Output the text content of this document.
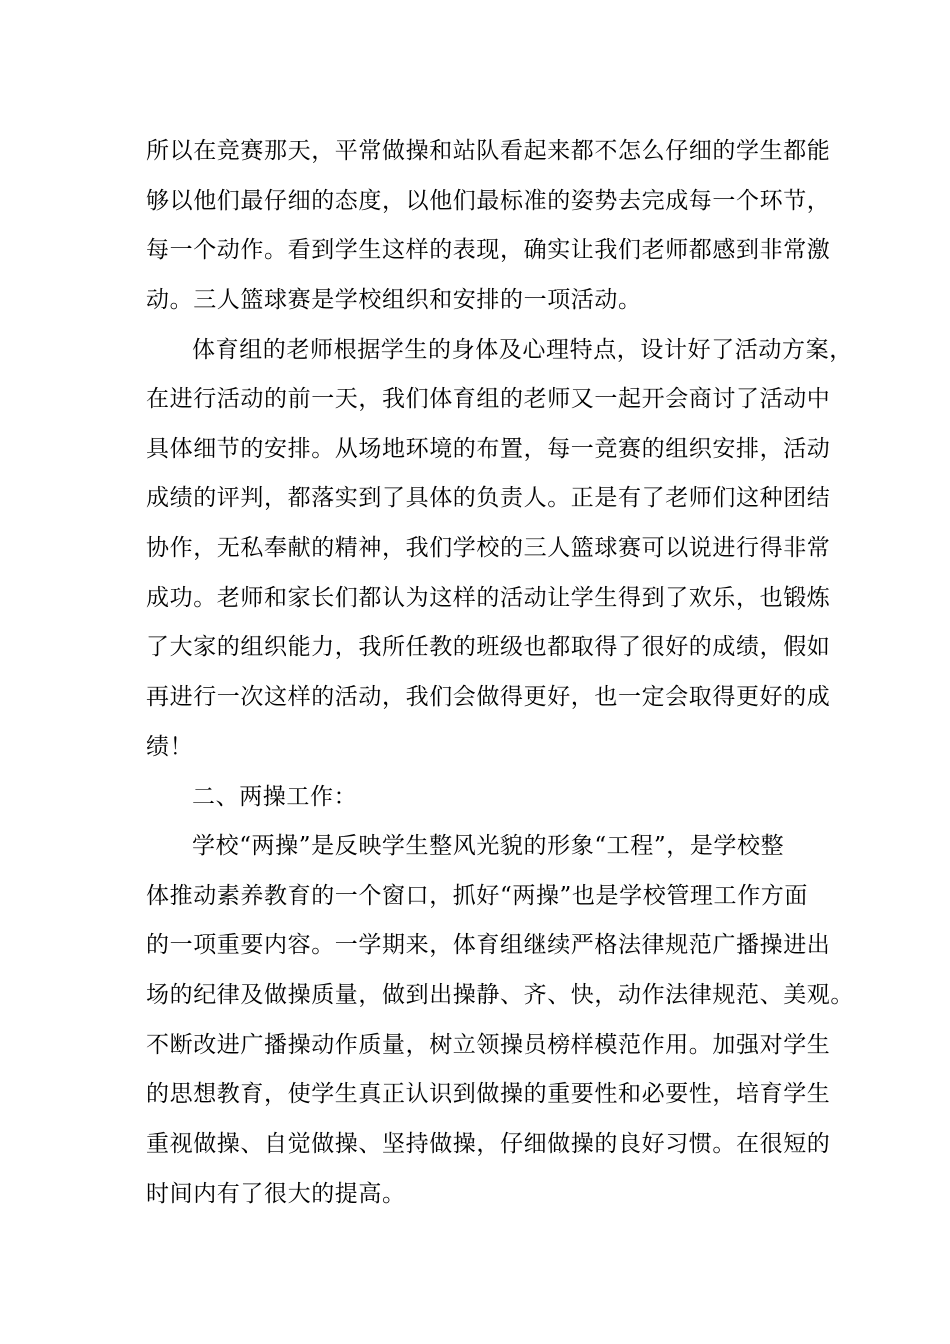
所以在竞赛那天，平常做操和站队看起来都不怎么仔细的学生都能
够以他们最仔细的态度，以他们最标准的姿势去完成每一个环节，
每一个动作。看到学生这样的表现，确实让我们老师都感到非常激
动。三人篮球赛是学校组织和安排的一项活动。
体育组的老师根据学生的身体及心理特点，设计好了活动方案，
在进行活动的前一天，我们体育组的老师又一起开会商讨了活动中
具体细节的安排。从场地环境的布置，每一竞赛的组织安排，活动
成绩的评判，都落实到了具体的负责人。正是有了老师们这种团结
协作，无私奉献的精神，我们学校的三人篮球赛可以说进行得非常
成功。老师和家长们都认为这样的活动让学生得到了欢乐，也锻炼
了大家的组织能力，我所任教的班级也都取得了很好的成绩，假如
再进行一次这样的活动，我们会做得更好，也一定会取得更好的成
绩！
二、两操工作：
学校“两操”是反映学生整风光貌的形象“工程”，是学校整
体推动素养教育的一个窗口，抓好“两操”也是学校管理工作方面
的一项重要内容。一学期来，体育组继续严格法律规范广播操进出
场的纪律及做操质量，做到出操静、齐、快，动作法律规范、美观。
不断改进广播操动作质量，树立领操员榜样模范作用。加强对学生
的思想教育，使学生真正认识到做操的重要性和必要性，培育学生
重视做操、自觉做操、坚持做操，仔细做操的良好习惯。在很短的
时间内有了很大的提高。
